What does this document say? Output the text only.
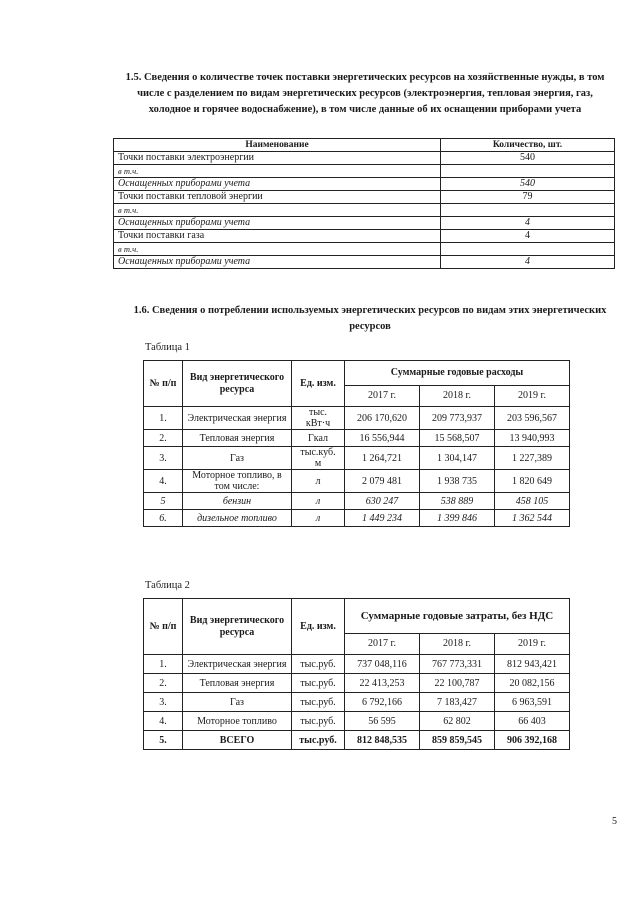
1.5. Сведения о количестве точек поставки энергетических ресурсов на хозяйственные нужды, в том числе с разделением по видам энергетических ресурсов (электроэнергия, тепловая энергия, газ, холодное и горячее водоснабжение), в том числе данные об их оснащении приборами учета
Наименование	Количество, шт.
Точки поставки электроэнергии	540
в т.ч.	
Оснащенных приборами учета	540
Точки поставки тепловой энергии	79
в т.ч.	
Оснащенных приборами учета	4
Точки поставки газа	4
в т.ч.	
Оснащенных приборами учета	4
1.6. Сведения о потреблении используемых энергетических ресурсов по видам этих энергетических ресурсов
Таблица 1
№ п/п	Вид энергетического ресурса	Ед. изм.	Суммарные годовые расходы		
			2017 г.	2018 г.	2019 г.
1.	Электрическая энергия	тыс. кВт·ч	206 170,620	209 773,937	203 596,567
2.	Тепловая энергия	Гкал	16 556,944	15 568,507	13 940,993
3.	Газ	тыс.куб. м	1 264,721	1 304,147	1 227,389
4.	Моторное топливо, в том числе:	л	2 079 481	1 938 735	1 820 649
5	бензин	л	630 247	538 889	458 105
6.	дизельное топливо	л	1 449 234	1 399 846	1 362 544
Таблица 2
№ п/п	Вид энергетического ресурса	Ед. изм.	Суммарные годовые затраты, без НДС		
			2017 г.	2018 г.	2019 г.
1.	Электрическая энергия	тыс.руб.	737 048,116	767 773,331	812 943,421
2.	Тепловая энергия	тыс.руб.	22 413,253	22 100,787	20 082,156
3.	Газ	тыс.руб.	6 792,166	7 183,427	6 963,591
4.	Моторное топливо	тыс.руб.	56 595	62 802	66 403
5.	ВСЕГО	тыс.руб.	812 848,535	859 859,545	906 392,168
5
